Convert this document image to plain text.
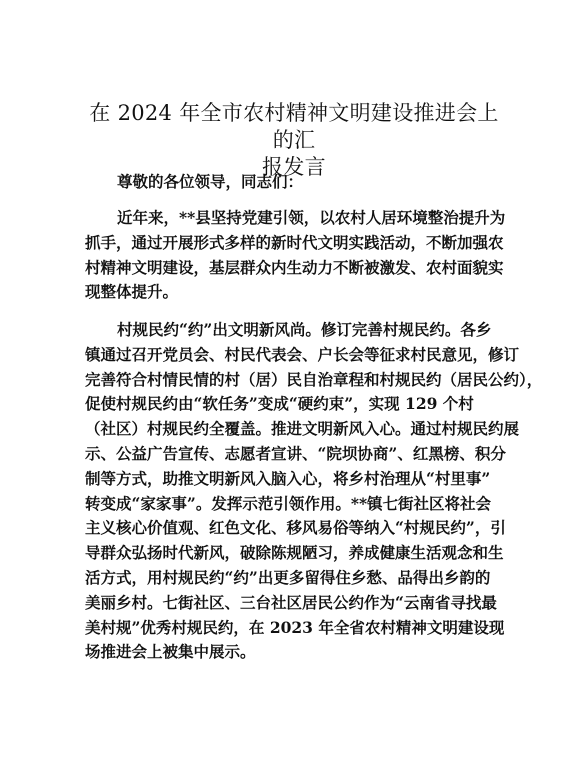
在 2024 年全市农村精神文明建设推进会上的汇
报发言

尊敬的各位领导，同志们：

近年来，**县坚持党建引领，以农村人居环境整治提升为
抓手，通过开展形式多样的新时代文明实践活动，不断加强农
村精神文明建设，基层群众内生动力不断被激发、农村面貌实
现整体提升。

村规民约“约”出文明新风尚。修订完善村规民约。各乡
镇通过召开党员会、村民代表会、户长会等征求村民意见，修订
完善符合村情民情的村（居）民自治章程和村规民约（居民公约），
促使村规民约由“软任务”变成“硬约束”，实现 129 个村
（社区）村规民约全覆盖。推进文明新风入心。通过村规民约展
示、公益广告宣传、志愿者宣讲、“院坝协商”、红黑榜、积分
制等方式，助推文明新风入脑入心，将乡村治理从“村里事”
转变成“家家事”。发挥示范引领作用。**镇七街社区将社会
主义核心价值观、红色文化、移风易俗等纳入“村规民约”，引
导群众弘扬时代新风，破除陈规陋习，养成健康生活观念和生
活方式，用村规民约“约”出更多留得住乡愁、品得出乡韵的
美丽乡村。七街社区、三台社区居民公约作为“云南省寻找最
美村规”优秀村规民约，在 2023 年全省农村精神文明建设现
场推进会上被集中展示。
